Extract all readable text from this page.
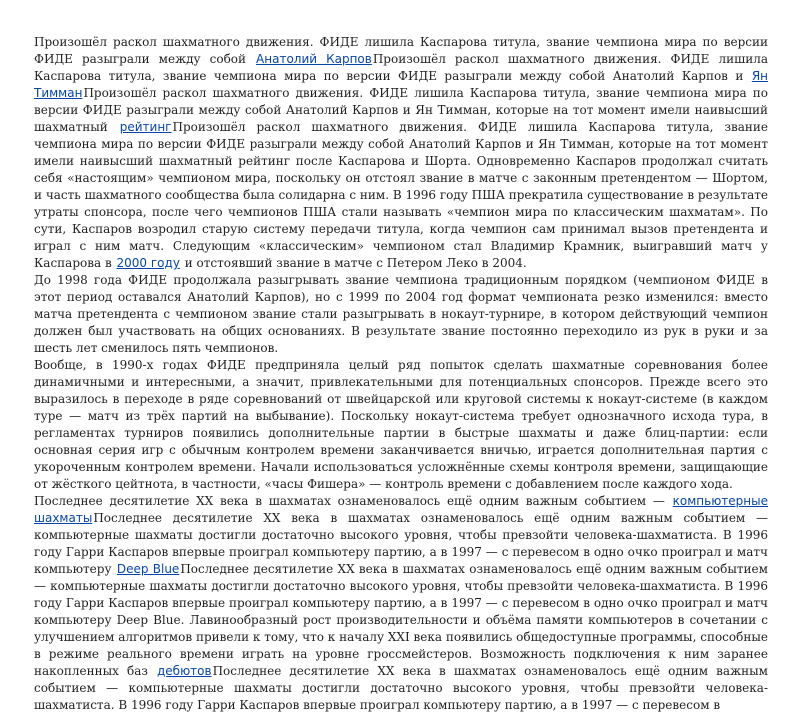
Произошёл раскол шахматного движения. ФИДЕ лишила Каспарова титула, звание чемпиона мира по версии ФИДЕ разыграли между собой Анатолий КарповПроизошёл раскол шахматного движения. ФИДЕ лишила Каспарова титула, звание чемпиона мира по версии ФИДЕ разыграли между собой Анатолий Карпов и Ян ТимманПроизошёл раскол шахматного движения. ФИДЕ лишила Каспарова титула, звание чемпиона мира по версии ФИДЕ разыграли между собой Анатолий Карпов и Ян Тимман, которые на тот момент имели наивысший шахматный рейтингПроизошёл раскол шахматного движения. ФИДЕ лишила Каспарова титула, звание чемпиона мира по версии ФИДЕ разыграли между собой Анатолий Карпов и Ян Тимман, которые на тот момент имели наивысший шахматный рейтинг после Каспарова и Шорта. Одновременно Каспаров продолжал считать себя «настоящим» чемпионом мира, поскольку он отстоял звание в матче с законным претендентом — Шортом, и часть шахматного сообщества была солидарна с ним. В 1996 году ПША прекратила существование в результате утраты спонсора, после чего чемпионов ПША стали называть «чемпион мира по классическим шахматам». По сути, Каспаров возродил старую систему передачи титула, когда чемпион сам принимал вызов претендента и играл с ним матч. Следующим «классическим» чемпионом стал Владимир Крамник, выигравший матч у Каспарова в 2000 году и отстоявший звание в матче с Петером Леко в 2004.

До 1998 года ФИДЕ продолжала разыгрывать звание чемпиона традиционным порядком (чемпионом ФИДЕ в этот период оставался Анатолий Карпов), но с 1999 по 2004 год формат чемпионата резко изменился: вместо матча претендента с чемпионом звание стали разыгрывать в нокаут-турнире, в котором действующий чемпион должен был участвовать на общих основаниях. В результате звание постоянно переходило из рук в руки и за шесть лет сменилось пять чемпионов.

Вообще, в 1990-х годах ФИДЕ предприняла целый ряд попыток сделать шахматные соревнования более динамичными и интересными, а значит, привлекательными для потенциальных спонсоров. Прежде всего это выразилось в переходе в ряде соревнований от швейцарской или круговой системы к нокаут-системе (в каждом туре — матч из трёх партий на выбывание). Поскольку нокаут-система требует однозначного исхода тура, в регламентах турниров появились дополнительные партии в быстрые шахматы и даже блиц-партии: если основная серия игр с обычным контролем времени заканчивается вничью, играется дополнительная партия с укороченным контролем времени. Начали использоваться усложнённые схемы контроля времени, защищающие от жёсткого цейтнота, в частности, «часы Фишера» — контроль времени с добавлением после каждого хода.

Последнее десятилетие XX века в шахматах ознаменовалось ещё одним важным событием — компьютерные шахматыПоследнее десятилетие XX века в шахматах ознаменовалось ещё одним важным событием — компьютерные шахматы достигли достаточно высокого уровня, чтобы превзойти человека-шахматиста. В 1996 году Гарри Каспаров впервые проиграл компьютеру партию, а в 1997 — с перевесом в одно очко проиграл и матч компьютеру Deep BlueПоследнее десятилетие XX века в шахматах ознаменовалось ещё одним важным событием — компьютерные шахматы достигли достаточно высокого уровня, чтобы превзойти человека-шахматиста. В 1996 году Гарри Каспаров впервые проиграл компьютеру партию, а в 1997 — с перевесом в одно очко проиграл и матч компьютеру Deep Blue. Лавинообразный рост производительности и объёма памяти компьютеров в сочетании с улучшением алгоритмов привели к тому, что к началу XXI века появились общедоступные программы, способные в режиме реального времени играть на уровне гроссмейстеров. Возможность подключения к ним заранее накопленных баз дебютовПоследнее десятилетие XX века в шахматах ознаменовалось ещё одним важным событием — компьютерные шахматы достигли достаточно высокого уровня, чтобы превзойти человека-шахматиста. В 1996 году Гарри Каспаров впервые проиграл компьютеру партию, а в 1997 — с перевесом в
